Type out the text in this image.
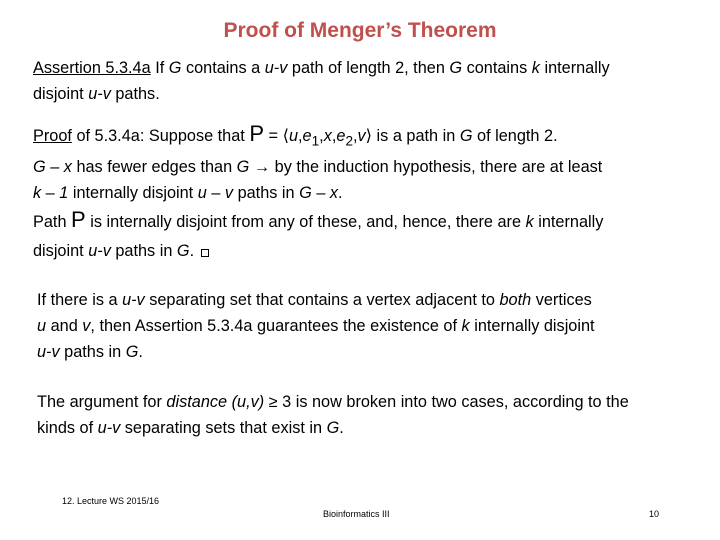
Proof of Menger’s Theorem
Assertion 5.3.4a If G contains a u-v path of length 2, then G contains k internally
disjoint u-v paths.
Proof of 5.3.4a: Suppose that $P = ⟨u,e_1,x,e_2,v⟩$ is a path in G of length 2.
G – x has fewer edges than G → by the induction hypothesis, there are at least
k – 1 internally disjoint u – v paths in G – x.
Path P is internally disjoint from any of these, and, hence, there are k internally
disjoint u-v paths in G.
If there is a u-v separating set that contains a vertex adjacent to both vertices
u and v, then Assertion 5.3.4a guarantees the existence of k internally disjoint
u-v paths in G.
The argument for distance (u,v) ≥ 3 is now broken into two cases, according to the
kinds of u-v separating sets that exist in G.
12. Lecture WS 2015/16
Bioinformatics III	10
